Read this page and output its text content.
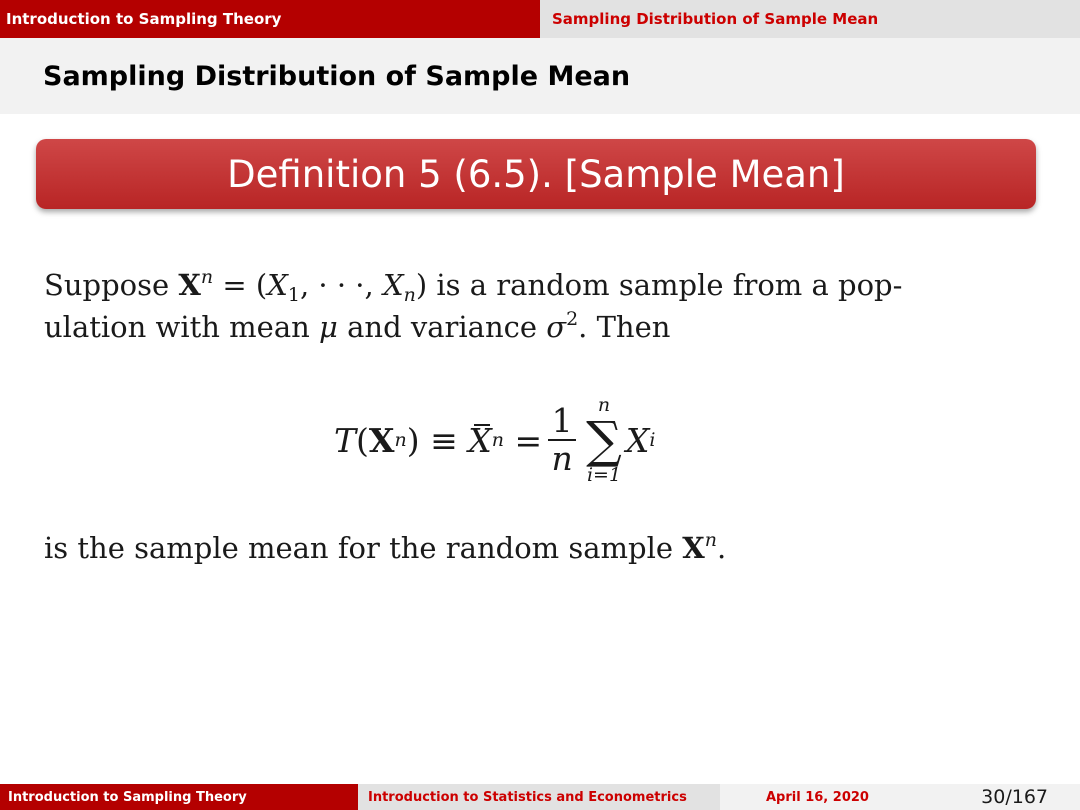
Introduction to Sampling Theory	Sampling Distribution of Sample Mean
Sampling Distribution of Sample Mean
Definition 5 (6.5). [Sample Mean]
Suppose $X^n = (X_1$, · · ·, $X_n$) is a random sample from a pop-
ulation with mean μ and variance $\sigma^2$. Then
T ( X n ) ≡ X $n = \frac{1}{n}$ n
∑
i=1
X i
is the sample mean for the random sample $X^n$.
Introduction to Sampling Theory	Introduction to Statistics and Econometrics	April 16, 2020	30/167
